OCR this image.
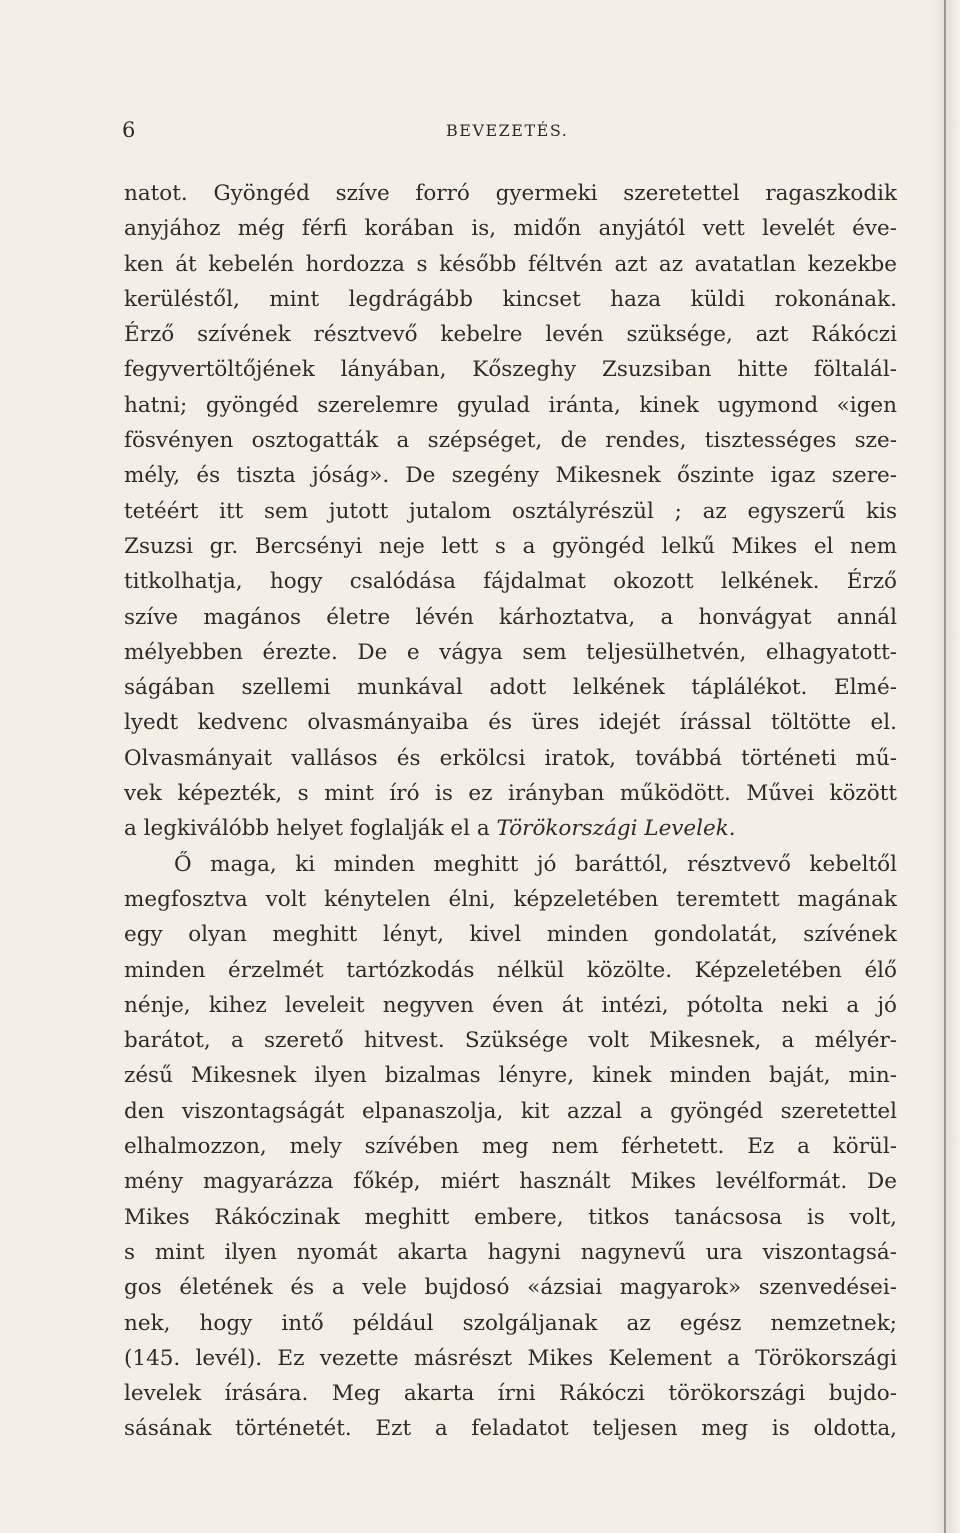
6	BEVEZETÉS.
natot. Gyöngéd szíve forró gyermeki szeretettel ragaszkodik
anyjához még férfi korában is, midőn anyjától vett levelét éve-
ken át kebelén hordozza s később féltvén azt az avatatlan kezekbe
kerüléstől, mint legdrágább kincset haza küldi rokonának.
Érző szívének résztvevő kebelre levén szüksége, azt Rákóczi
fegyvertöltőjének lányában, Kőszeghy Zsuzsiban hitte föltalál-
hatni; gyöngéd szerelemre gyulad iránta, kinek ugymond «igen
fösvényen osztogatták a szépséget, de rendes, tisztességes sze-
mély, és tiszta jóság». De szegény Mikesnek őszinte igaz szere-
tetéért itt sem jutott jutalom osztályrészül ; az egyszerű kis
Zsuzsi gr. Bercsényi neje lett s a gyöngéd lelkű Mikes el nem
titkolhatja, hogy csalódása fájdalmat okozott lelkének. Érző
szíve magános életre lévén kárhoztatva, a honvágyat annál
mélyebben érezte. De e vágya sem teljesülhetvén, elhagyatott-
ságában szellemi munkával adott lelkének táplálékot. Elmé-
lyedt kedvenc olvasmányaiba és üres idejét írással töltötte el.
Olvasmányait vallásos és erkölcsi iratok, továbbá történeti mű-
vek képezték, s mint író is ez irányban működött. Művei között
a legkiválóbb helyet foglalják el a Törökországi Levelek.
Ő maga, ki minden meghitt jó baráttól, résztvevő kebeltől
megfosztva volt kénytelen élni, képzeletében teremtett magának
egy olyan meghitt lényt, kivel minden gondolatát, szívének
minden érzelmét tartózkodás nélkül közölte. Képzeletében élő
nénje, kihez leveleit negyven éven át intézi, pótolta neki a jó
barátot, a szerető hitvest. Szüksége volt Mikesnek, a mélyér-
zésű Mikesnek ilyen bizalmas lényre, kinek minden baját, min-
den viszontagságát elpanaszolja, kit azzal a gyöngéd szeretettel
elhalmozzon, mely szívében meg nem férhetett. Ez a körül-
mény magyarázza főkép, miért használt Mikes levélformát. De
Mikes Rákóczinak meghitt embere, titkos tanácsosa is volt,
s mint ilyen nyomát akarta hagyni nagynevű ura viszontagsá-
gos életének és a vele bujdosó «ázsiai magyarok» szenvedései-
nek, hogy intő például szolgáljanak az egész nemzetnek;
(145. levél). Ez vezette másrészt Mikes Kelement a Törökországi
levelek írására. Meg akarta írni Rákóczi törökországi bujdo-
sásának történetét. Ezt a feladatot teljesen meg is oldotta,
